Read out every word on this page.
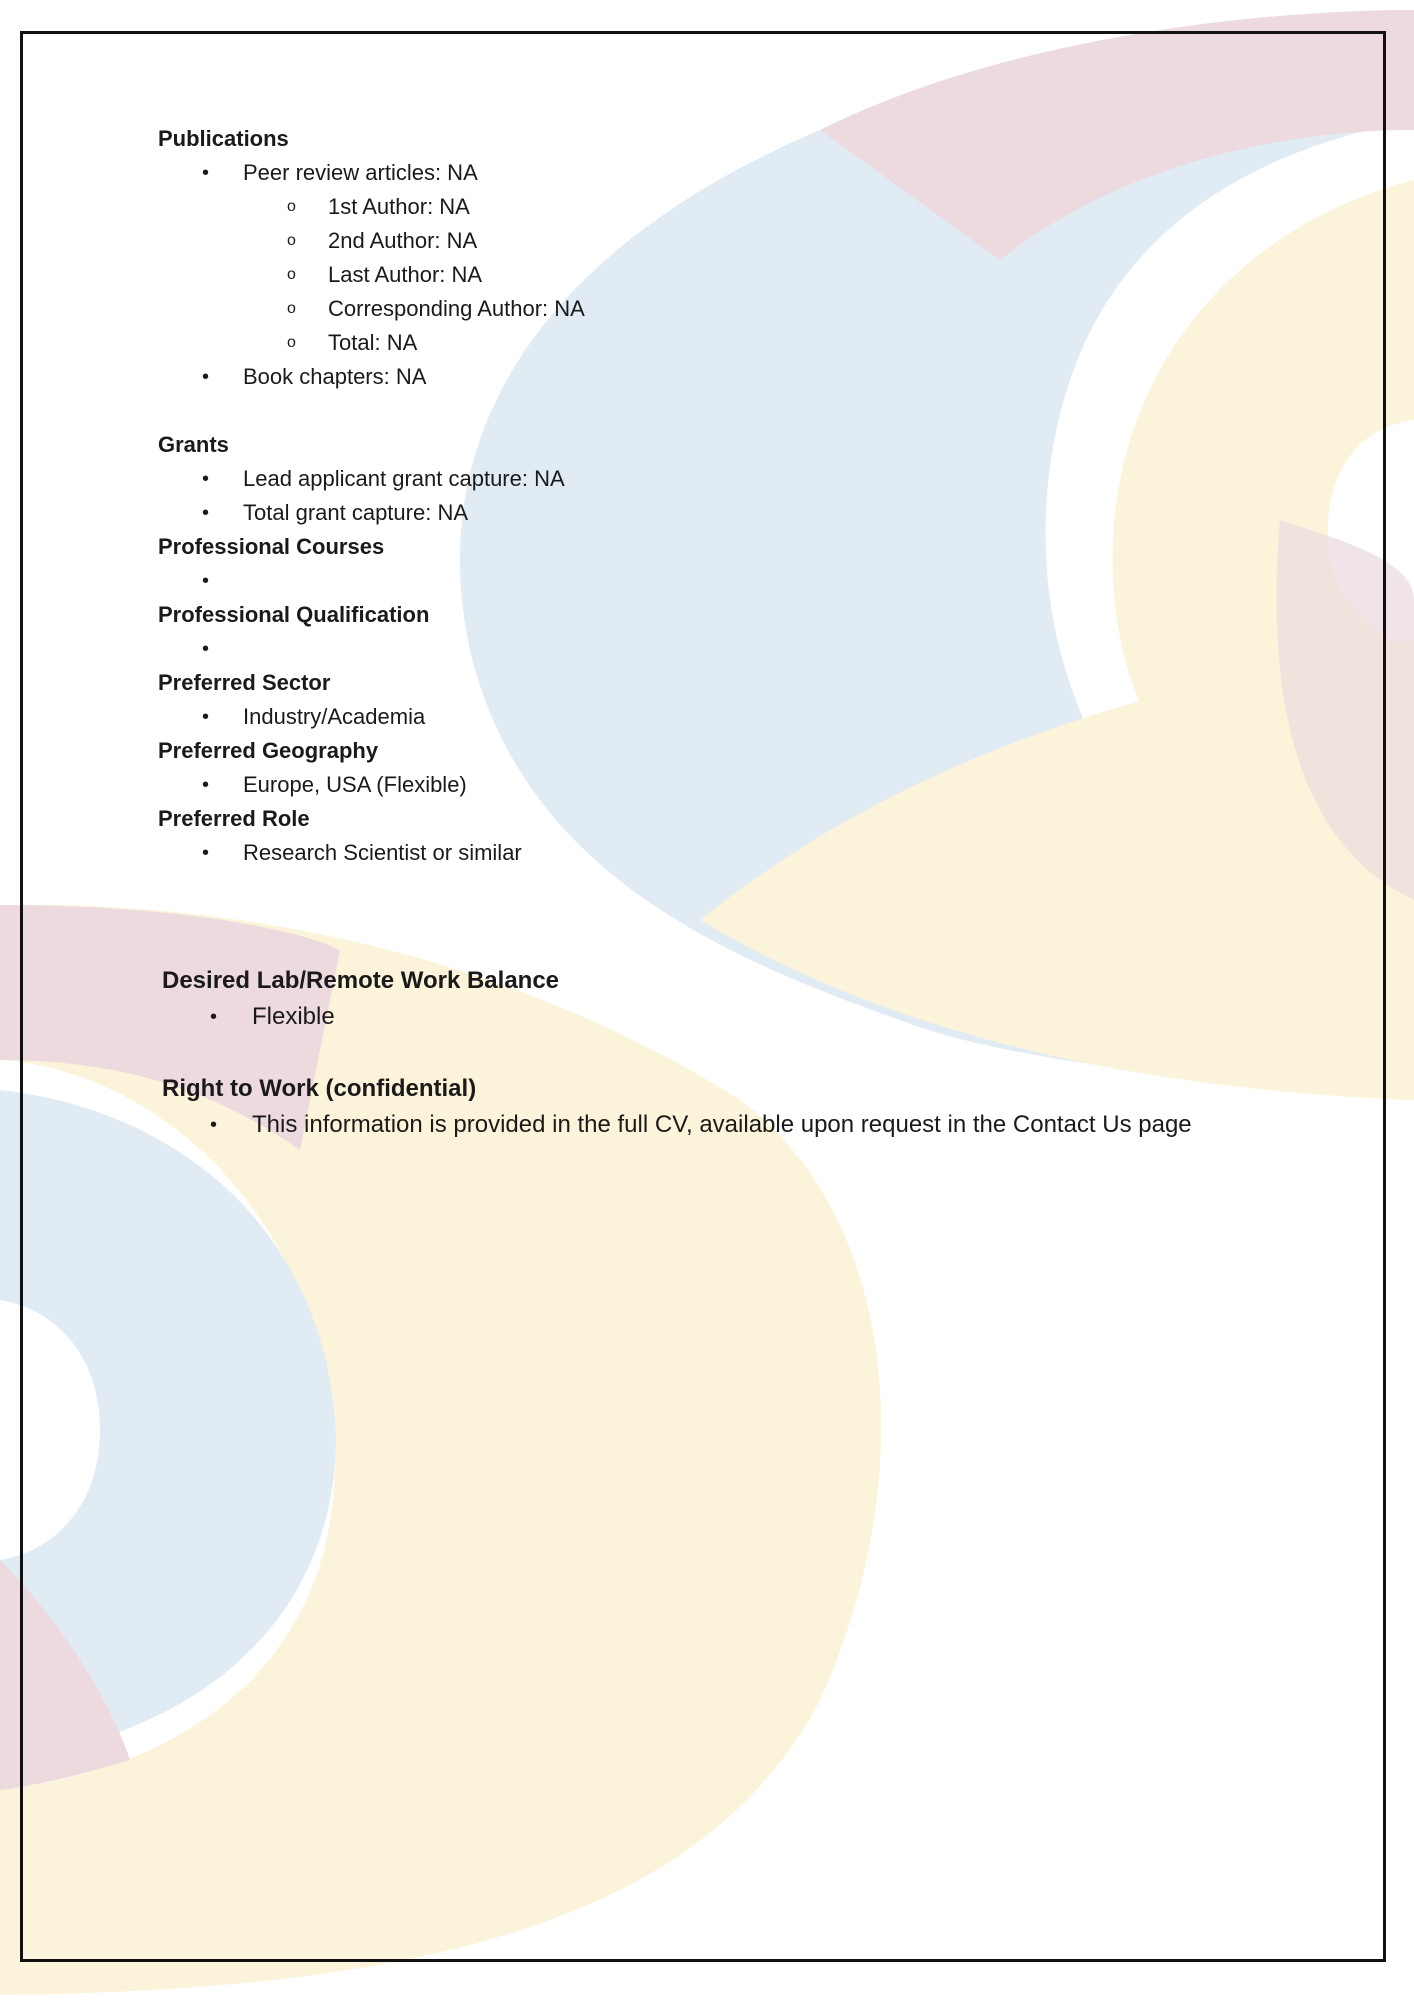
Publications
• Peer review articles: NA
o 1st Author: NA
o 2nd Author: NA
o Last Author: NA
o Corresponding Author: NA
o Total: NA
• Book chapters: NA
Grants
• Lead applicant grant capture: NA
• Total grant capture: NA
Professional Courses
•
Professional Qualification
•
Preferred Sector
• Industry/Academia
Preferred Geography
• Europe, USA (Flexible)
Preferred Role
• Research Scientist or similar
Desired Lab/Remote Work Balance
• Flexible
Right to Work (confidential)
• This information is provided in the full CV, available upon request in the Contact Us page
